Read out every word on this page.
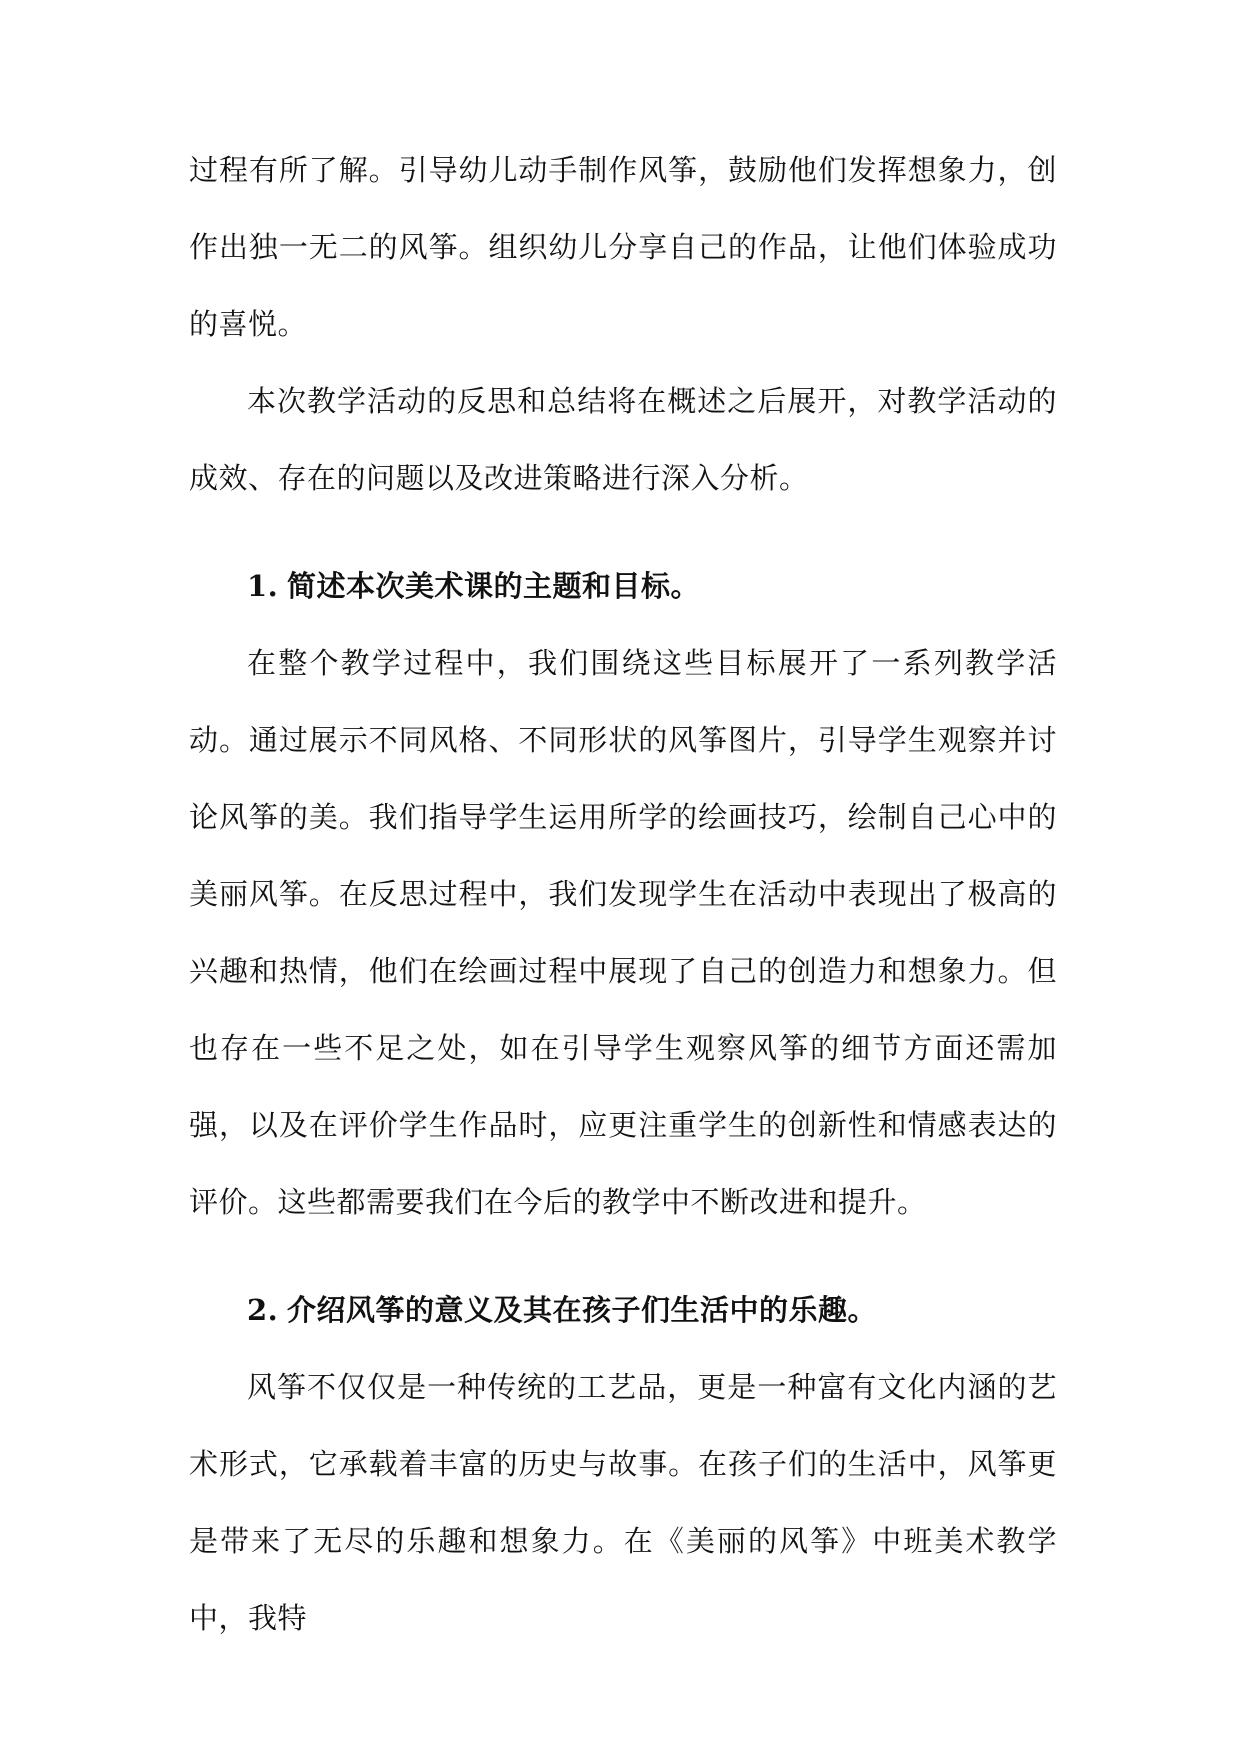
过程有所了解。引导幼儿动手制作风筝，鼓励他们发挥想象力，创作出独一无二的风筝。组织幼儿分享自己的作品，让他们体验成功的喜悦。

本次教学活动的反思和总结将在概述之后展开，对教学活动的成效、存在的问题以及改进策略进行深入分析。

1. 简述本次美术课的主题和目标。

在整个教学过程中，我们围绕这些目标展开了一系列教学活动。通过展示不同风格、不同形状的风筝图片，引导学生观察并讨论风筝的美。我们指导学生运用所学的绘画技巧，绘制自己心中的美丽风筝。在反思过程中，我们发现学生在活动中表现出了极高的兴趣和热情，他们在绘画过程中展现了自己的创造力和想象力。但也存在一些不足之处，如在引导学生观察风筝的细节方面还需加强，以及在评价学生作品时，应更注重学生的创新性和情感表达的评价。这些都需要我们在今后的教学中不断改进和提升。

2. 介绍风筝的意义及其在孩子们生活中的乐趣。

风筝不仅仅是一种传统的工艺品，更是一种富有文化内涵的艺术形式，它承载着丰富的历史与故事。在孩子们的生活中，风筝更是带来了无尽的乐趣和想象力。在《美丽的风筝》中班美术教学中，我特
